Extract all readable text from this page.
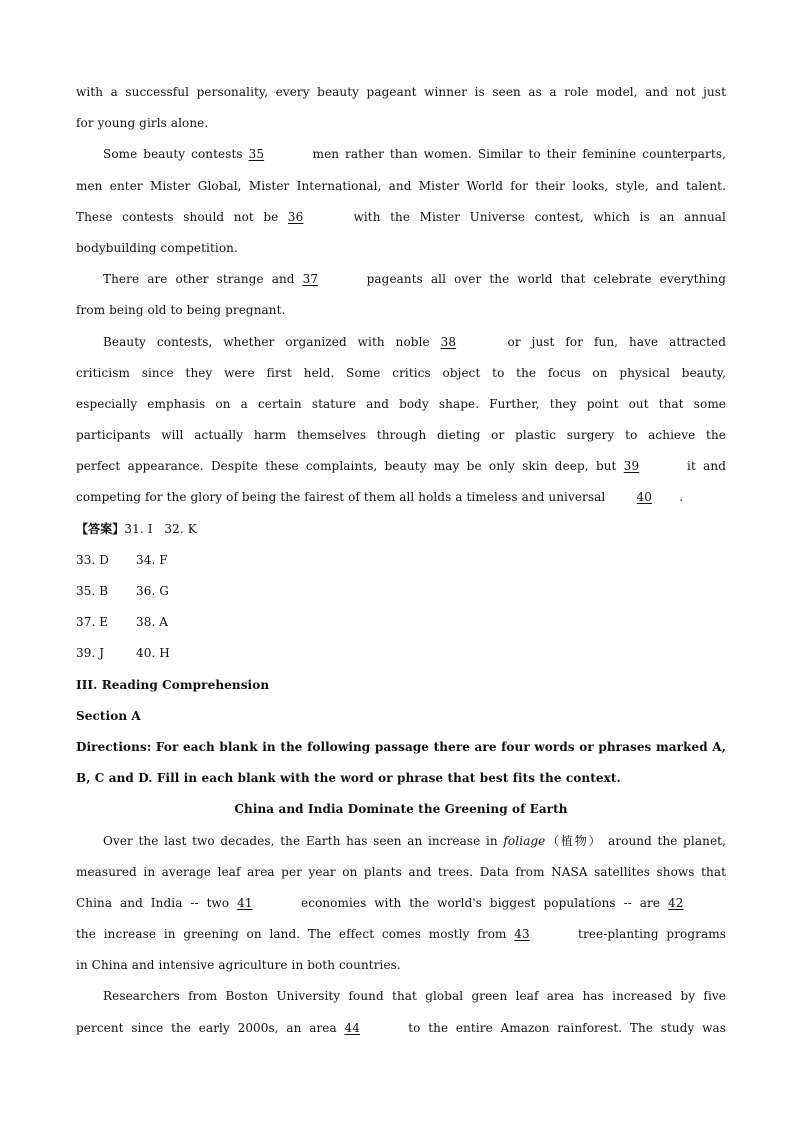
with a successful personality, every beauty pageant winner is seen as a role model, and not just
for young girls alone.
Some beauty contests 35	men rather than women. Similar to their feminine counterparts,
men enter Mister Global, Mister International, and Mister World for their looks, style, and talent.
These contests should not be 36	with the Mister Universe contest, which is an annual
bodybuilding competition.
There are other strange and 37	pageants all over the world that celebrate everything
from being old to being pregnant.
Beauty contests, whether organized with noble 38	or just for fun, have attracted
criticism since they were first held. Some critics object to the focus on physical beauty,
especially emphasis on a certain stature and body shape. Further, they point out that some
participants will actually harm themselves through dieting or plastic surgery to achieve the
perfect appearance. Despite these complaints, beauty may be only skin deep, but 39	it and
competing for the glory of being the fairest of them all holds a timeless and universal 40 .
【答案】31. I 32. K
33. D 34. F
35. B 36. G
37. E 38. A
39. J	40. H
III. Reading Comprehension
Section A
Directions: For each blank in the following passage there are four words or phrases marked A,
B, C and D. Fill in each blank with the word or phrase that best fits the context.
China and India Dominate the Greening of Earth
Over the last two decades, the Earth has seen an increase in foliage（植物） around the planet,
measured in average leaf area per year on plants and trees. Data from NASA satellites shows that
China and India -- two 41	economies with the world's biggest populations -- are 42
the increase in greening on land. The effect comes mostly from 43	tree-planting programs
in China and intensive agriculture in both countries.
Researchers from Boston University found that global green leaf area has increased by five
percent since the early 2000s, an area 44	to the entire Amazon rainforest. The study was
